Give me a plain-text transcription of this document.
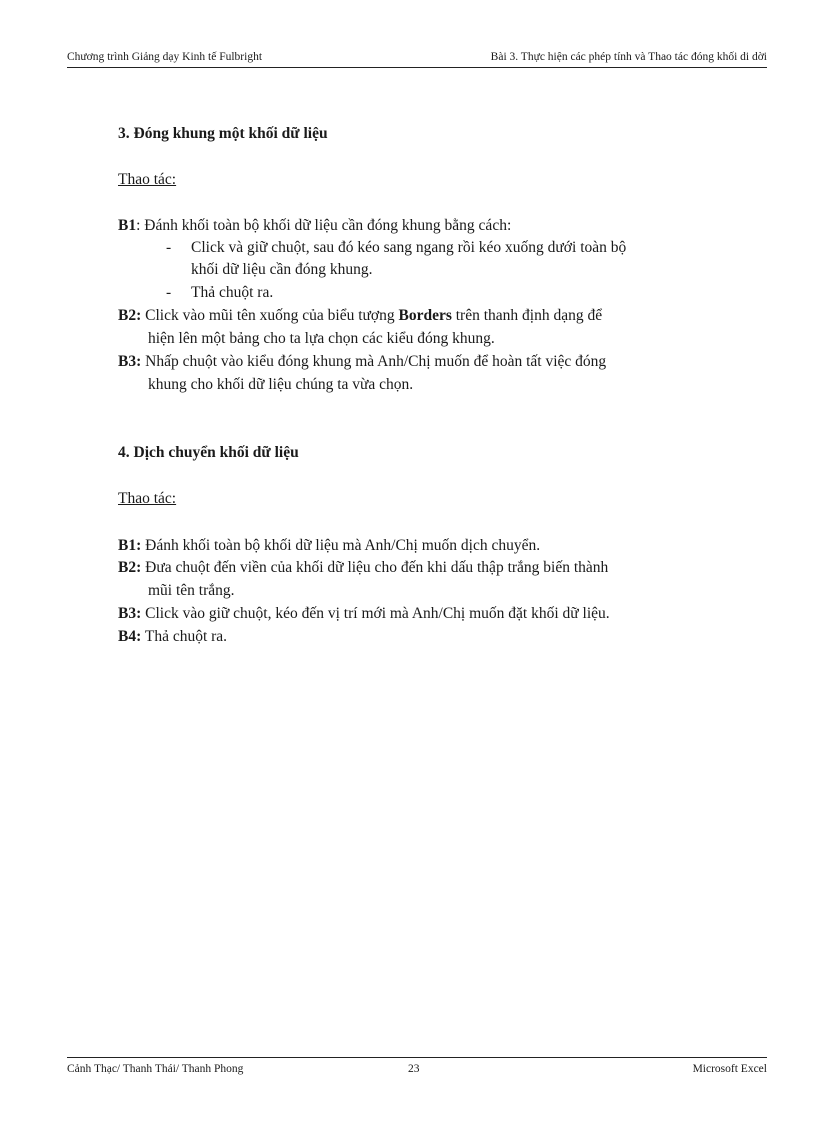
Chương trình Giảng dạy Kinh tế Fulbright	Bài 3. Thực hiện các phép tính và Thao tác đóng khối di dời
3. Đóng khung một khối dữ liệu
Thao tác:
B1: Đánh khối toàn bộ khối dữ liệu cần đóng khung bằng cách:
- Click và giữ chuột, sau đó kéo sang ngang rồi kéo xuống dưới toàn bộ
khối dữ liệu cần đóng khung.
- Thả chuột ra.
B2: Click vào mũi tên xuống của biểu tượng Borders trên thanh định dạng để
hiện lên một bảng cho ta lựa chọn các kiểu đóng khung.
B3: Nhấp chuột vào kiểu đóng khung mà Anh/Chị muốn để hoàn tất việc đóng
khung cho khối dữ liệu chúng ta vừa chọn.
4. Dịch chuyển khối dữ liệu
Thao tác:
B1: Đánh khối toàn bộ khối dữ liệu mà Anh/Chị muốn dịch chuyển.
B2: Đưa chuột đến viền của khối dữ liệu cho đến khi dấu thập trắng biến thành
mũi tên trắng.
B3: Click vào giữ chuột, kéo đến vị trí mới mà Anh/Chị muốn đặt khối dữ liệu.
B4: Thả chuột ra.
Cảnh Thạc/ Thanh Thái/ Thanh Phong	23	Microsoft Excel
